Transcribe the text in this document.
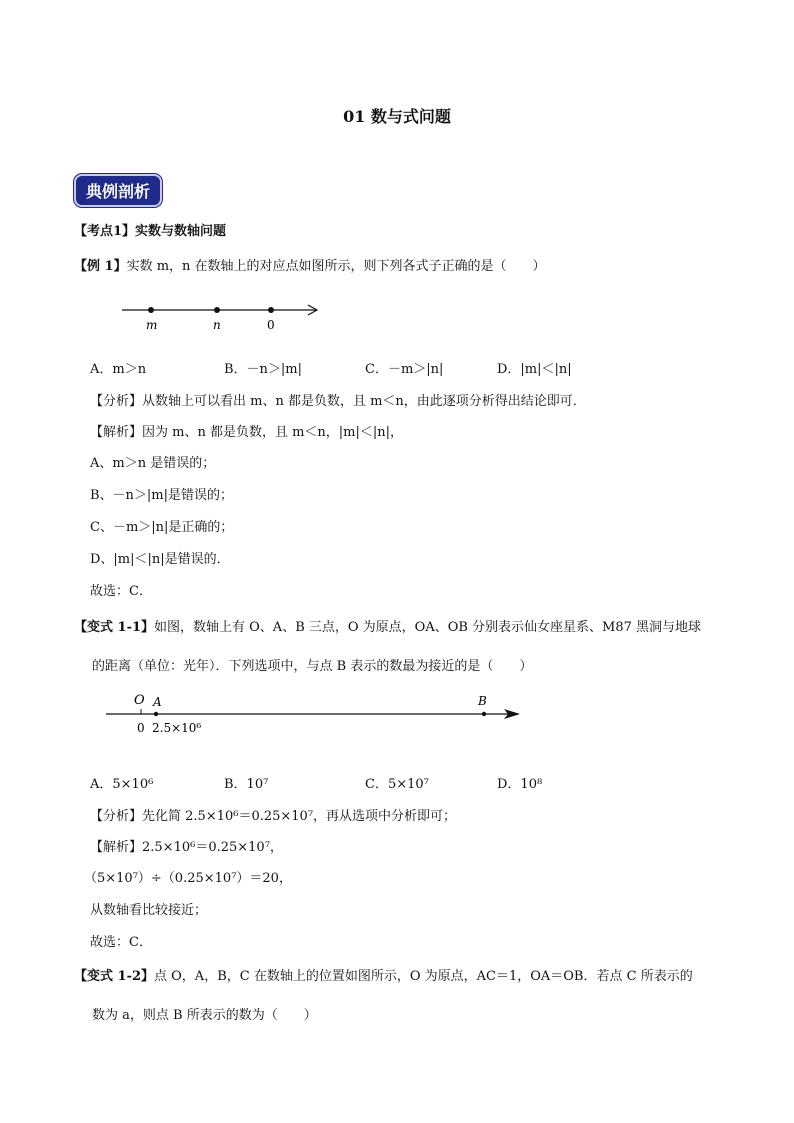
01 数与式问题
典例剖析
【考点1】实数与数轴问题
【例 1】实数 m，n 在数轴上的对应点如图所示，则下列各式子正确的是（　　）
m	n	0
A．m＞n	B．－n＞|m|	C．－m＞|n|	D．|m|＜|n|
【分析】从数轴上可以看出 m、n 都是负数，且 m＜n，由此逐项分析得出结论即可．
【解析】因为 m、n 都是负数，且 m＜n，|m|＜|n|，
A、m＞n 是错误的；
B、－n＞|m|是错误的；
C、－m＞|n|是正确的；
D、|m|＜|n|是错误的．
故选：C．
【变式 1-1】如图，数轴上有 O、A、B 三点，O 为原点，OA、OB 分别表示仙女座星系、M87 黑洞与地球
的距离（单位：光年）．下列选项中，与点 B 表示的数最为接近的是（　　）
O A	B
0 2.5×10⁶
A．5×10⁶	B．10⁷	C．5×10⁷	D．10⁸
【分析】先化简 2.5×10⁶＝0.25×10⁷，再从选项中分析即可；
【解析】2.5×10⁶＝0.25×10⁷，
（5×10⁷）÷（0.25×10⁷）＝20，
从数轴看比较接近；
故选：C．
【变式 1-2】点 O，A，B，C 在数轴上的位置如图所示，O 为原点，AC＝1，OA＝OB．若点 C 所表示的
数为 a，则点 B 所表示的数为（　　）
